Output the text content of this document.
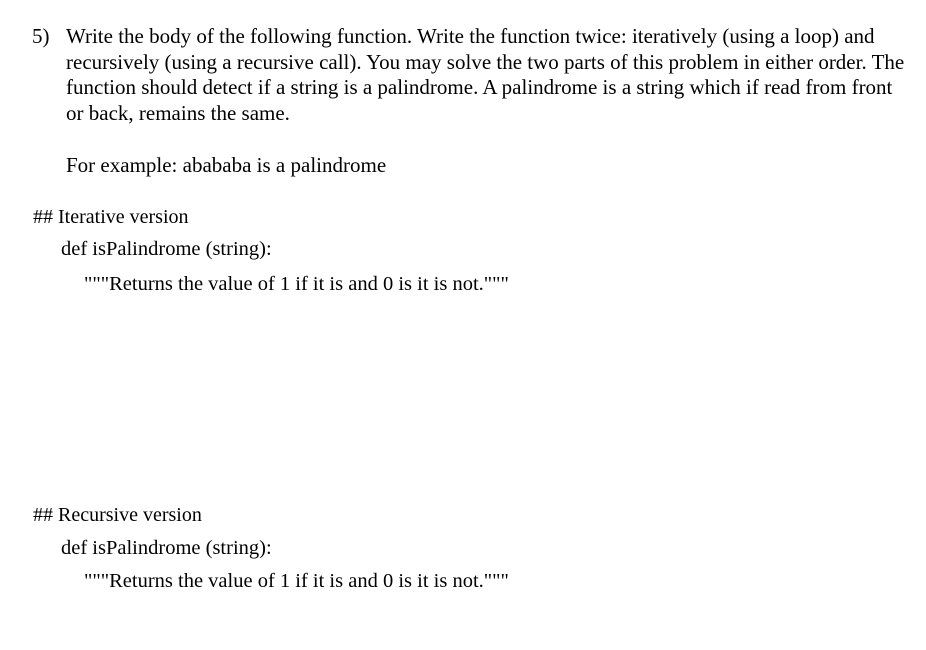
5) Write the body of the following function. Write the function twice: iteratively (using a loop) and recursively (using a recursive call). You may solve the two parts of this problem in either order. The function should detect if a string is a palindrome. A palindrome is a string which if read from front or back, remains the same.
For example: abababa is a palindrome
## Iterative version
def isPalindrome (string):
"""Returns the value of 1 if it is and 0 is it is not."""
## Recursive version
def isPalindrome (string):
"""Returns the value of 1 if it is and 0 is it is not."""
